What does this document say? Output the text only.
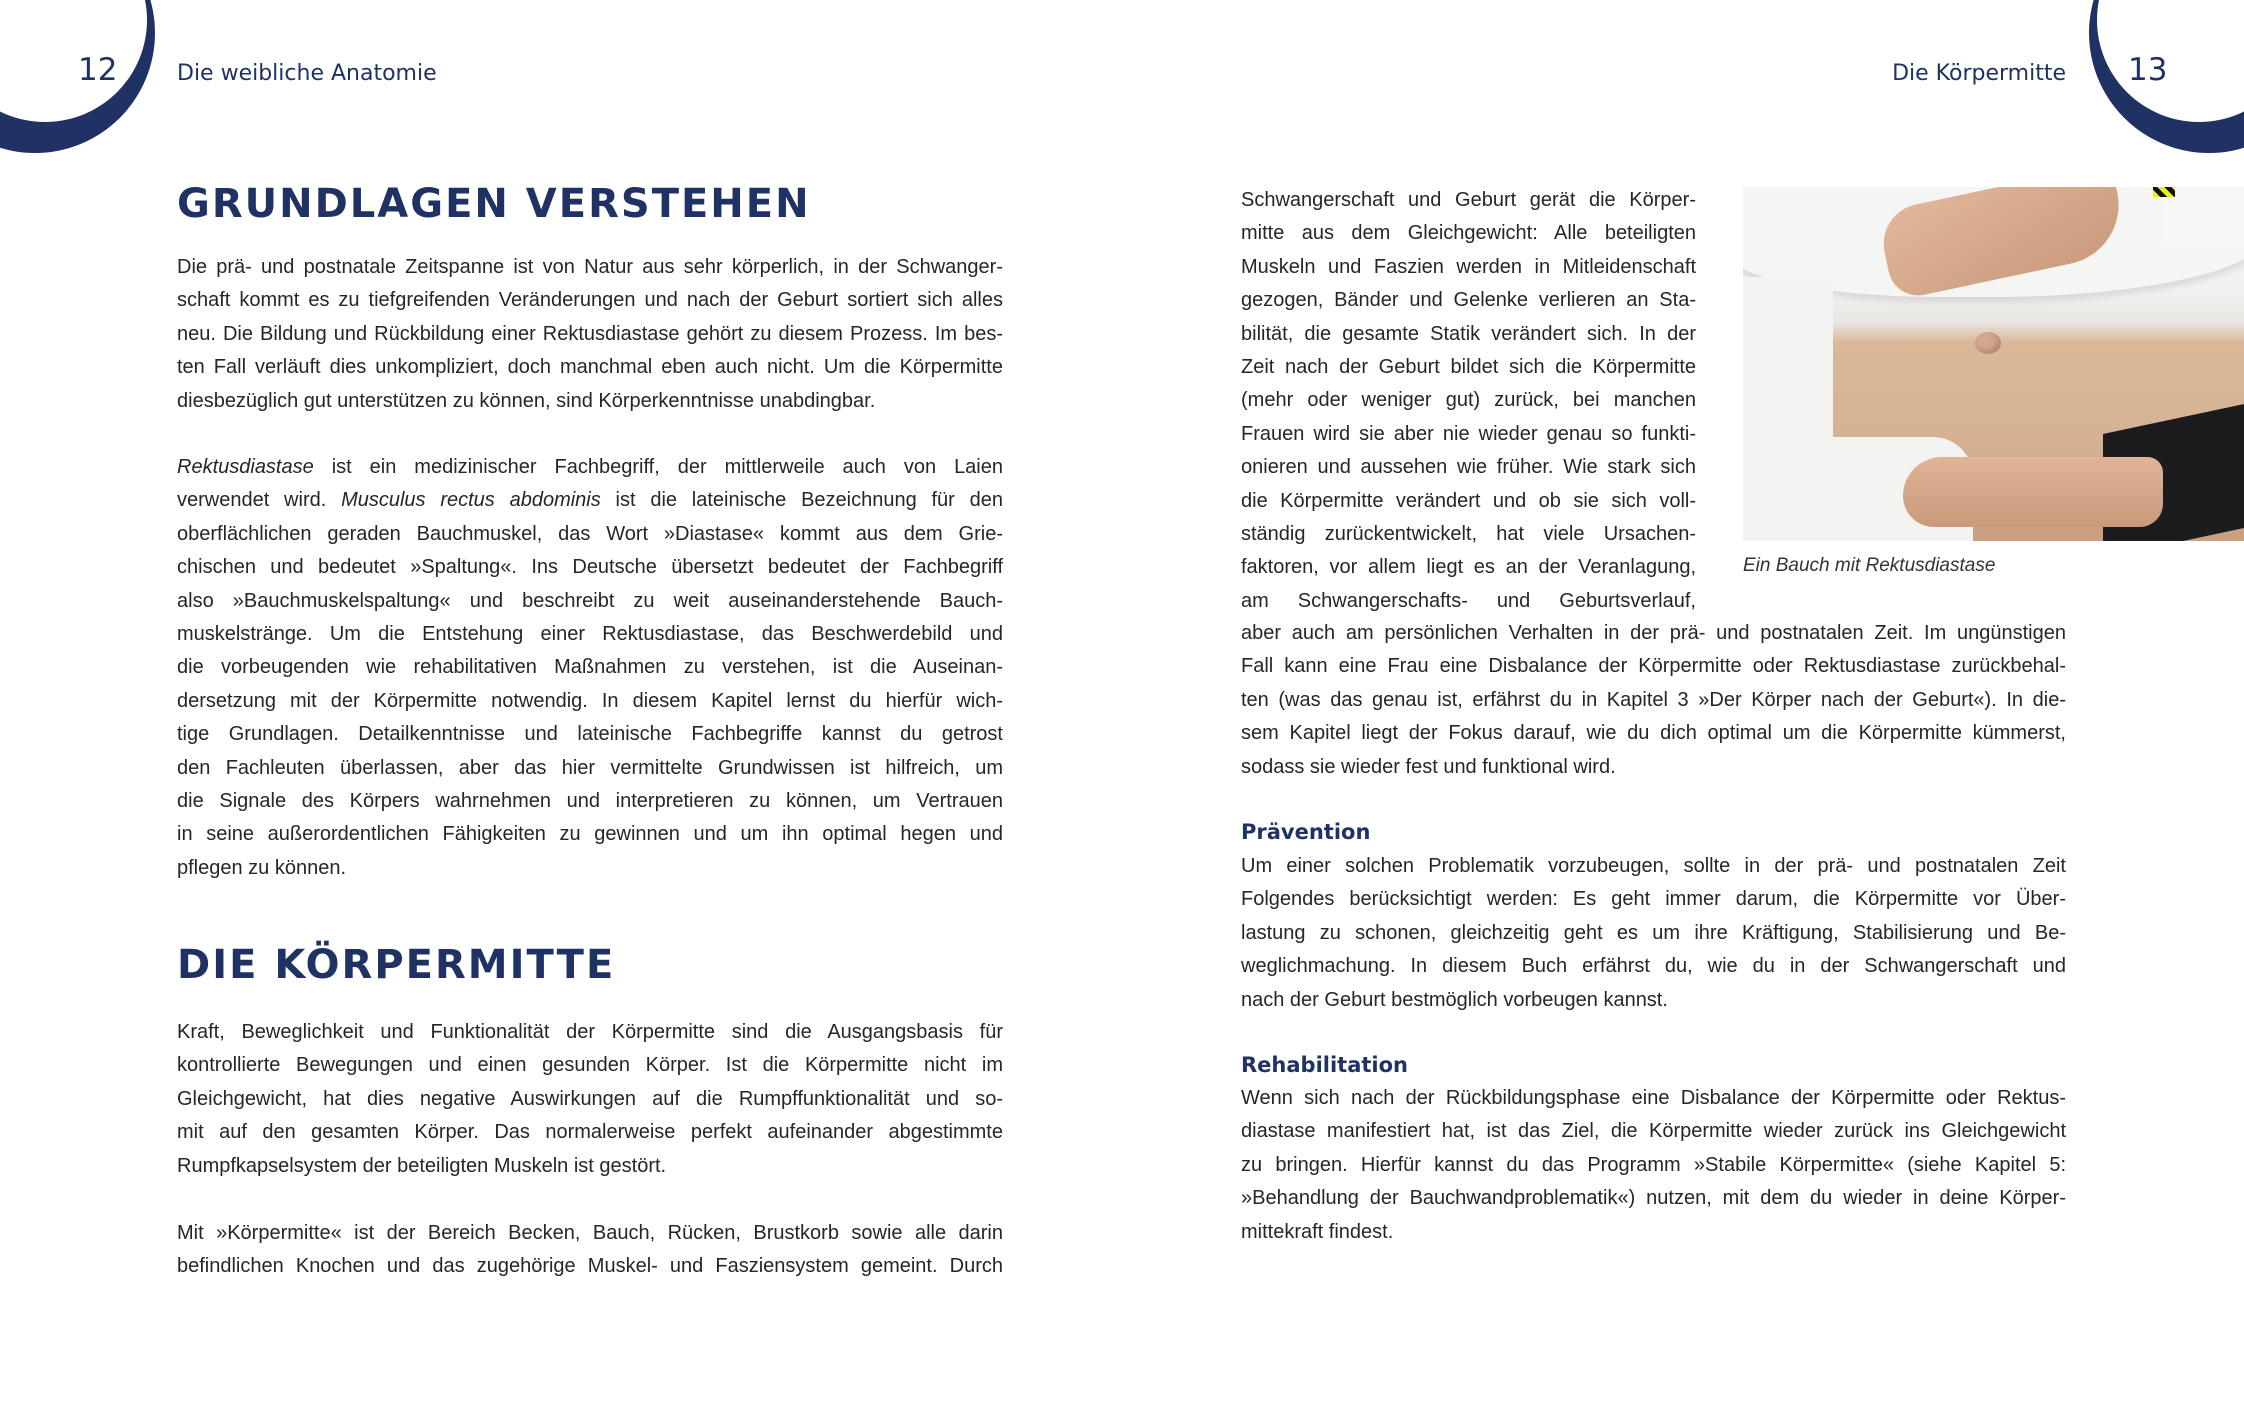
12	Die weibliche Anatomie	Die Körpermitte 13
GRUNDLAGEN VERSTEHEN
Die prä- und postnatale Zeitspanne ist von Natur aus sehr körperlich, in der Schwanger-
schaft kommt es zu tiefgreifenden Veränderungen und nach der Geburt sortiert sich alles
neu. Die Bildung und Rückbildung einer Rektusdiastase gehört zu diesem Prozess. Im bes-
ten Fall verläuft dies unkompliziert, doch manchmal eben auch nicht. Um die Körpermitte
diesbezüglich gut unterstützen zu können, sind Körperkenntnisse unabdingbar.
Rektusdiastase ist ein medizinischer Fachbegriff, der mittlerweile auch von Laien
verwendet wird. Musculus rectus abdominis ist die lateinische Bezeichnung für den
oberflächlichen geraden Bauchmuskel, das Wort »Diastase« kommt aus dem Grie-
chischen und bedeutet »Spaltung«. Ins Deutsche übersetzt bedeutet der Fachbegriff
also »Bauchmuskelspaltung« und beschreibt zu weit auseinanderstehende Bauch-
muskelstränge. Um die Entstehung einer Rektusdiastase, das Beschwerdebild und
die vorbeugenden wie rehabilitativen Maßnahmen zu verstehen, ist die Auseinan-
dersetzung mit der Körpermitte notwendig. In diesem Kapitel lernst du hierfür wich-
tige Grundlagen. Detailkenntnisse und lateinische Fachbegriffe kannst du getrost
den Fachleuten überlassen, aber das hier vermittelte Grundwissen ist hilfreich, um
die Signale des Körpers wahrnehmen und interpretieren zu können, um Vertrauen
in seine außerordentlichen Fähigkeiten zu gewinnen und um ihn optimal hegen und
pflegen zu können.
DIE KÖRPERMITTE
Kraft, Beweglichkeit und Funktionalität der Körpermitte sind die Ausgangsbasis für
kontrollierte Bewegungen und einen gesunden Körper. Ist die Körpermitte nicht im
Gleichgewicht, hat dies negative Auswirkungen auf die Rumpffunktionalität und so-
mit auf den gesamten Körper. Das normalerweise perfekt aufeinander abgestimmte
Rumpfkapselsystem der beteiligten Muskeln ist gestört.
Mit »Körpermitte« ist der Bereich Becken, Bauch, Rücken, Brustkorb sowie alle darin
befindlichen Knochen und das zugehörige Muskel- und Fasziensystem gemeint. Durch
Schwangerschaft und Geburt gerät die Körper-
mitte aus dem Gleichgewicht: Alle beteiligten
Muskeln und Faszien werden in Mitleidenschaft
gezogen, Bänder und Gelenke verlieren an Sta-
bilität, die gesamte Statik verändert sich. In der
Zeit nach der Geburt bildet sich die Körpermitte
(mehr oder weniger gut) zurück, bei manchen
Frauen wird sie aber nie wieder genau so funkti-
onieren und aussehen wie früher. Wie stark sich
die Körpermitte verändert und ob sie sich voll-
ständig zurückentwickelt, hat viele Ursachen-
faktoren, vor allem liegt es an der Veranlagung,
am Schwangerschafts- und Geburtsverlauf,
aber auch am persönlichen Verhalten in der prä- und postnatalen Zeit. Im ungünstigen
Fall kann eine Frau eine Disbalance der Körpermitte oder Rektusdiastase zurückbehal-
ten (was das genau ist, erfährst du in Kapitel 3 »Der Körper nach der Geburt«). In die-
sem Kapitel liegt der Fokus darauf, wie du dich optimal um die Körpermitte kümmerst,
sodass sie wieder fest und funktional wird.
Ein Bauch mit Rektusdiastase
Prävention
Um einer solchen Problematik vorzubeugen, sollte in der prä- und postnatalen Zeit
Folgendes berücksichtigt werden: Es geht immer darum, die Körpermitte vor Über-
lastung zu schonen, gleichzeitig geht es um ihre Kräftigung, Stabilisierung und Be-
weglichmachung. In diesem Buch erfährst du, wie du in der Schwangerschaft und
nach der Geburt bestmöglich vorbeugen kannst.
Rehabilitation
Wenn sich nach der Rückbildungsphase eine Disbalance der Körpermitte oder Rektus-
diastase manifestiert hat, ist das Ziel, die Körpermitte wieder zurück ins Gleichgewicht
zu bringen. Hierfür kannst du das Programm »Stabile Körpermitte« (siehe Kapitel 5:
»Behandlung der Bauchwandproblematik«) nutzen, mit dem du wieder in deine Körper-
mittekraft findest.
